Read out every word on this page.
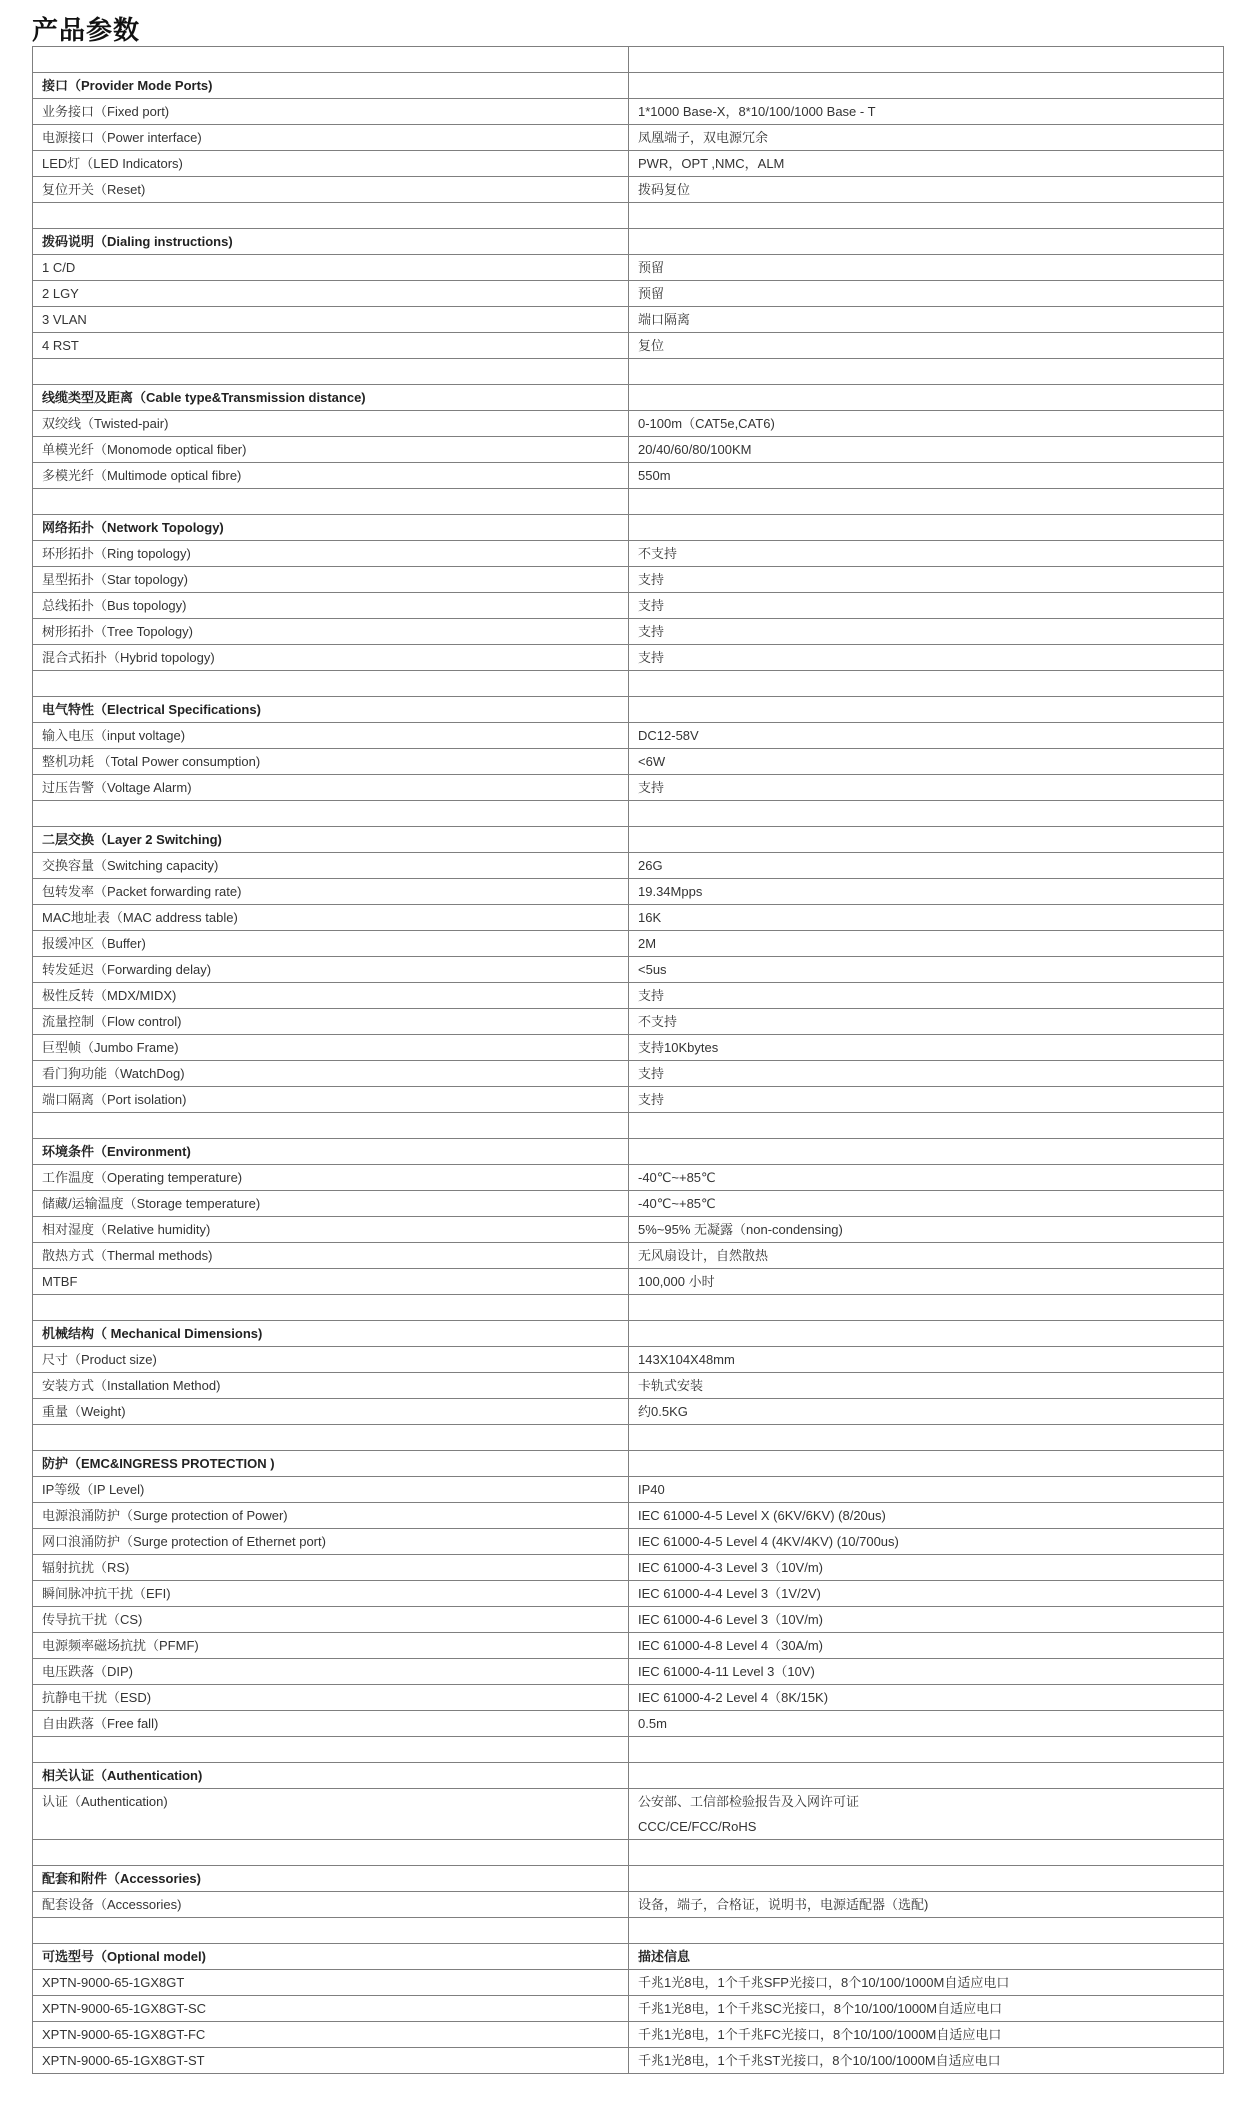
产品参数

接口（Provider Mode Ports)	
业务接口（Fixed port)	1*1000 Base-X，8*10/100/1000 Base - T
电源接口（Power interface)	凤凰端子，双电源冗余
LED灯（LED Indicators)	PWR，OPT ,NMC，ALM
复位开关（Reset)	拨码复位

拨码说明（Dialing instructions)	
1 C/D	预留
2 LGY	预留
3 VLAN	端口隔离
4 RST	复位

线缆类型及距离（Cable type&Transmission distance)	
双绞线（Twisted-pair)	0-100m（CAT5e,CAT6)
单模光纤（Monomode optical fiber)	20/40/60/80/100KM
多模光纤（Multimode optical fibre)	550m

网络拓扑（Network Topology)	
环形拓扑（Ring topology)	不支持
星型拓扑（Star topology)	支持
总线拓扑（Bus topology)	支持
树形拓扑（Tree Topology)	支持
混合式拓扑（Hybrid topology)	支持

电气特性（Electrical Specifications)	
输入电压（input voltage)	DC12-58V
整机功耗 （Total Power consumption)	<6W
过压告警（Voltage Alarm)	支持

二层交换（Layer 2 Switching)	
交换容量（Switching capacity)	26G
包转发率（Packet forwarding rate)	19.34Mpps
MAC地址表（MAC address table)	16K
报缓冲区（Buffer)	2M
转发延迟（Forwarding delay)	<5us
极性反转（MDX/MIDX)	支持
流量控制（Flow control)	不支持
巨型帧（Jumbo Frame)	支持10Kbytes
看门狗功能（WatchDog)	支持
端口隔离（Port isolation)	支持

环境条件（Environment)	
工作温度（Operating temperature)	-40℃~+85℃
储藏/运输温度（Storage temperature)	-40℃~+85℃
相对湿度（Relative humidity)	5%~95% 无凝露（non-condensing)
散热方式（Thermal methods)	无风扇设计，自然散热
MTBF	100,000 小时

机械结构（ Mechanical Dimensions)	
尺寸（Product size)	143X104X48mm
安装方式（Installation Method)	卡轨式安装
重量（Weight)	约0.5KG

防护（EMC&INGRESS PROTECTION )	
IP等级（IP Level)	IP40
电源浪涌防护（Surge protection of Power)	IEC 61000-4-5 Level X (6KV/6KV) (8/20us)
网口浪涌防护（Surge protection of Ethernet port)	IEC 61000-4-5 Level 4 (4KV/4KV) (10/700us)
辐射抗扰（RS)	IEC 61000-4-3 Level 3（10V/m)
瞬间脉冲抗干扰（EFI)	IEC 61000-4-4 Level 3（1V/2V)
传导抗干扰（CS)	IEC 61000-4-6 Level 3（10V/m)
电源频率磁场抗扰（PFMF)	IEC 61000-4-8 Level 4（30A/m)
电压跌落（DIP)	IEC 61000-4-11 Level 3（10V)
抗静电干扰（ESD)	IEC 61000-4-2 Level 4（8K/15K)
自由跌落（Free fall)	0.5m

相关认证（Authentication)	

认证（Authentication)	公安部、工信部检验报告及入网许可证
CCC/CE/FCC/RoHS

配套和附件（Accessories)	
配套设备（Accessories)	设备，端子，合格证，说明书，电源适配器（选配)

可选型号（Optional model)	描述信息
XPTN-9000-65-1GX8GT	千兆1光8电，1个千兆SFP光接口，8个10/100/1000M自适应电口
XPTN-9000-65-1GX8GT-SC	千兆1光8电，1个千兆SC光接口，8个10/100/1000M自适应电口
XPTN-9000-65-1GX8GT-FC	千兆1光8电，1个千兆FC光接口，8个10/100/1000M自适应电口
XPTN-9000-65-1GX8GT-ST	千兆1光8电，1个千兆ST光接口，8个10/100/1000M自适应电口
